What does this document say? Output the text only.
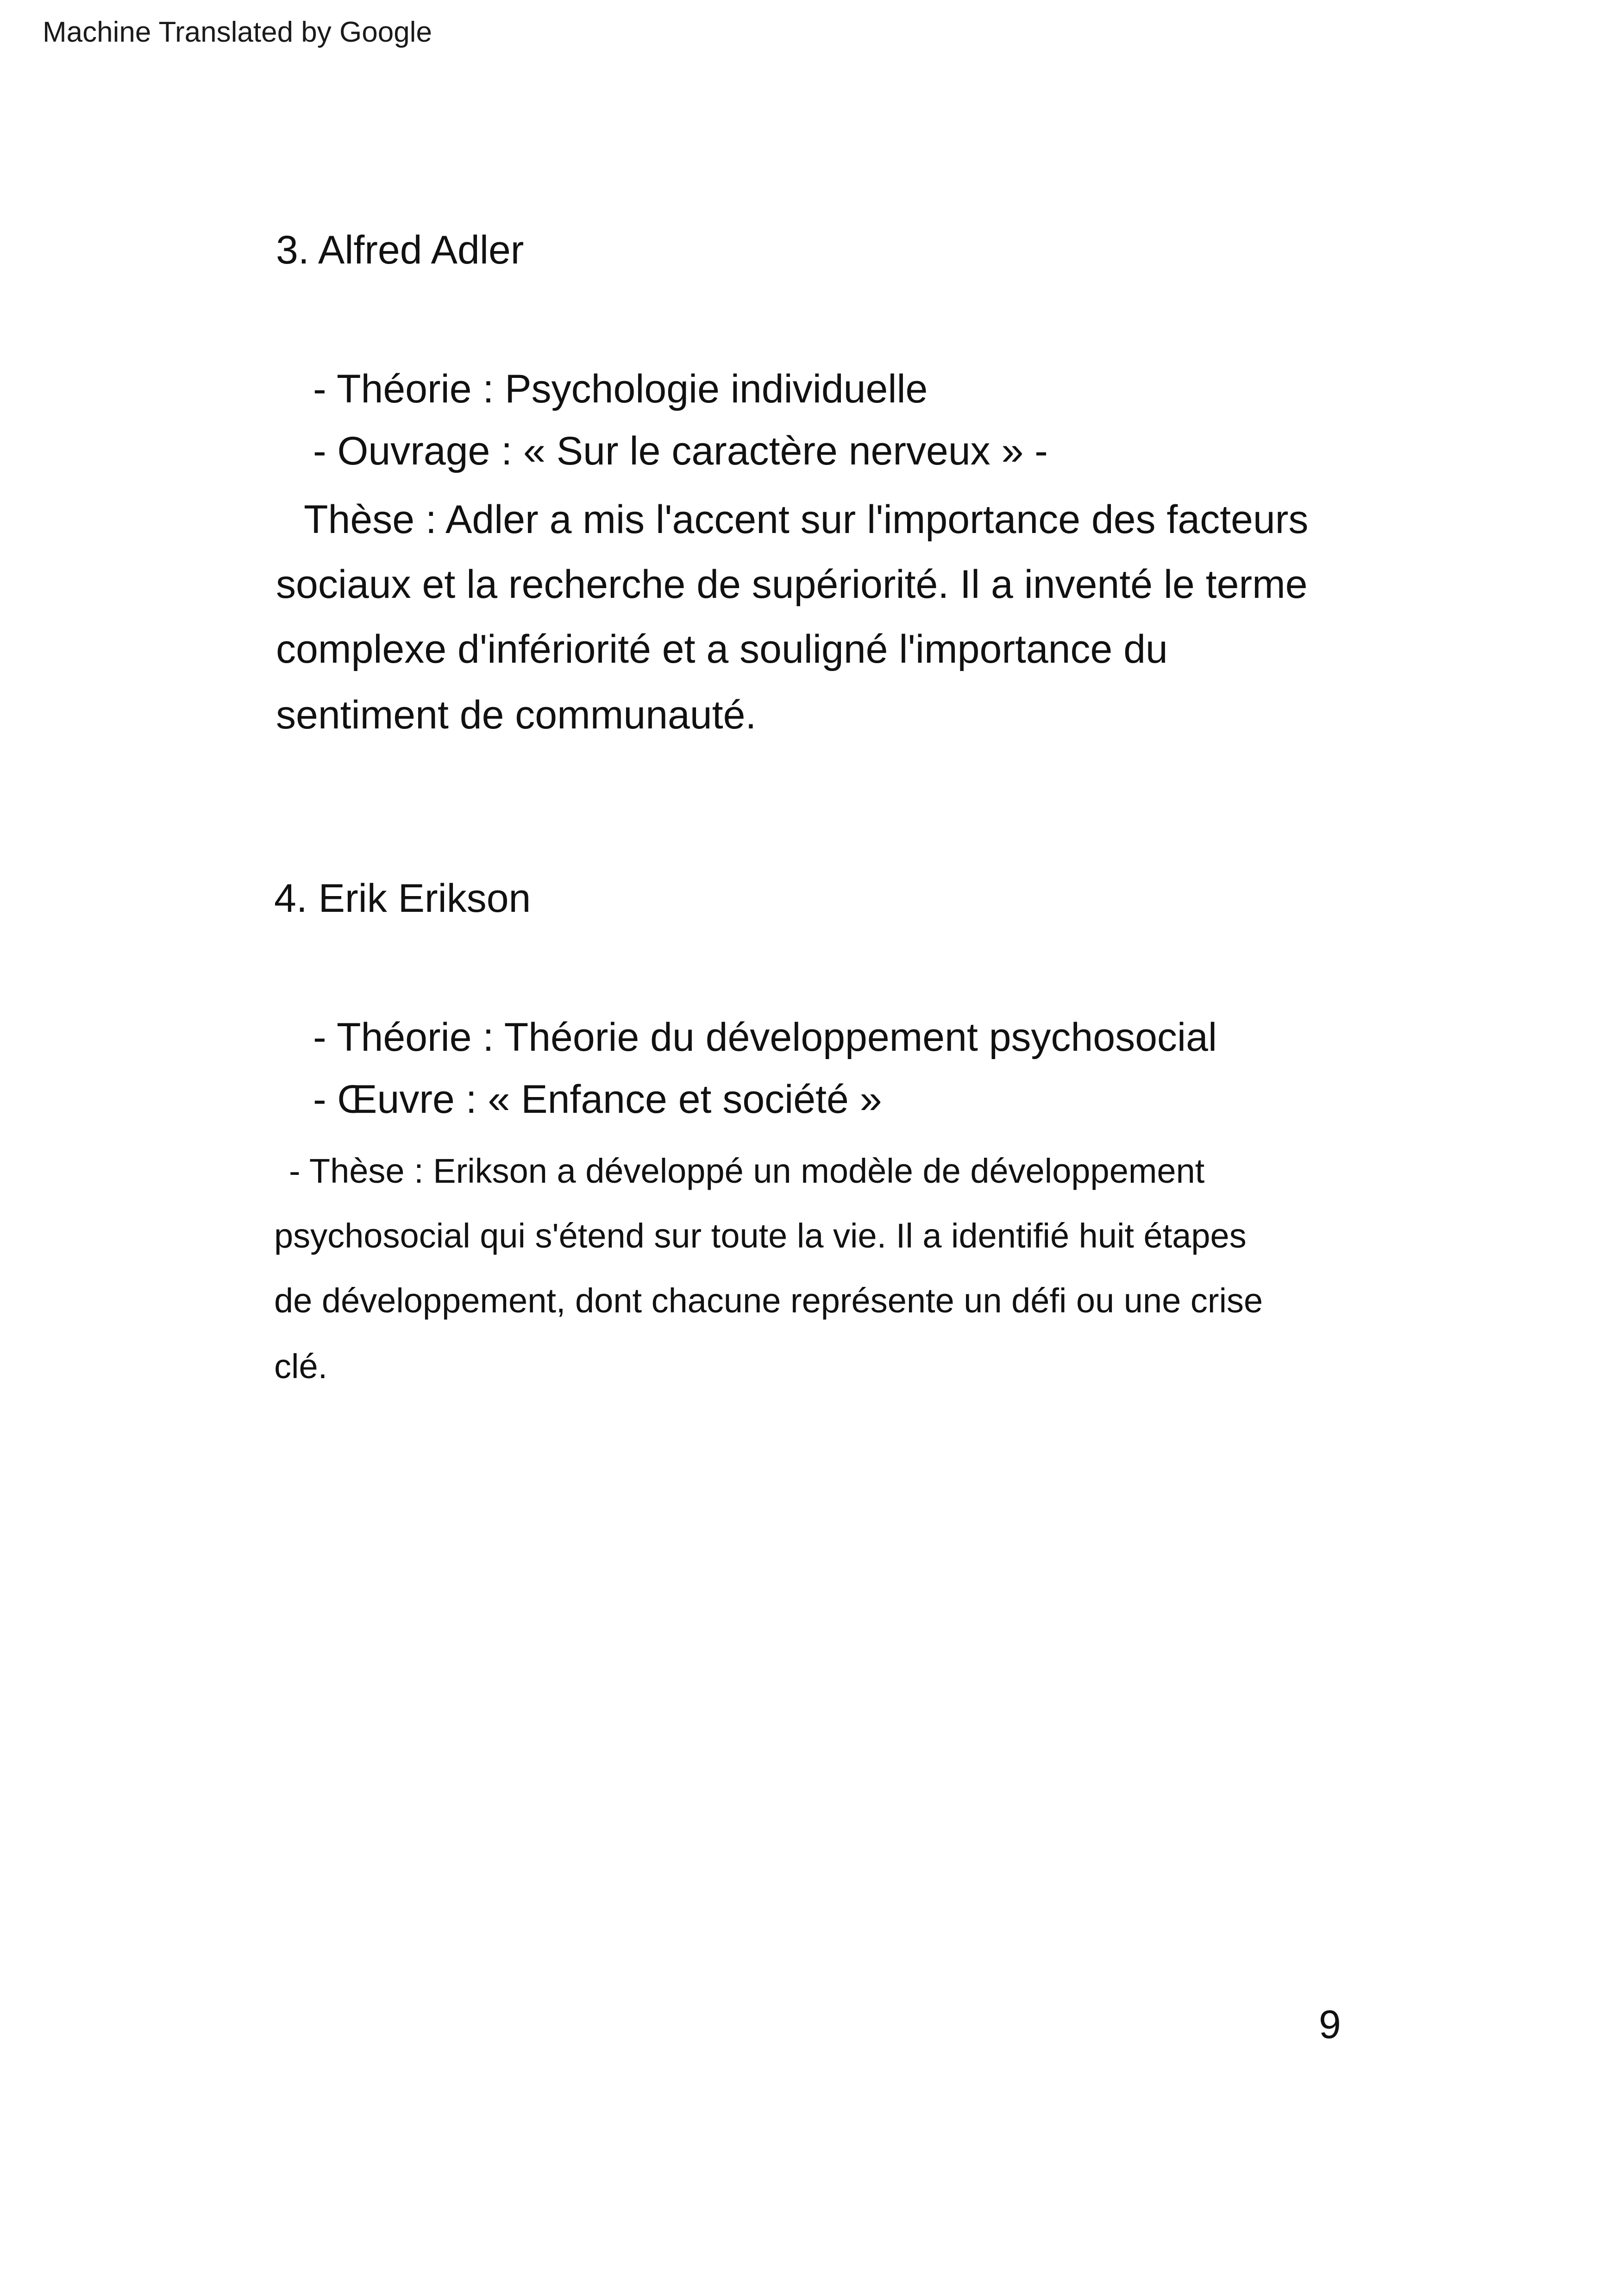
Machine Translated by Google
3. Alfred Adler
- Théorie : Psychologie individuelle
- Ouvrage : « Sur le caractère nerveux » -
Thèse : Adler a mis l'accent sur l'importance des facteurs
sociaux et la recherche de supériorité. Il a inventé le terme
complexe d'infériorité et a souligné l'importance du
sentiment de communauté.
4. Erik Erikson
- Théorie : Théorie du développement psychosocial
- Œuvre : « Enfance et société »
- Thèse : Erikson a développé un modèle de développement
psychosocial qui s'étend sur toute la vie. Il a identifié huit étapes
de développement, dont chacune représente un défi ou une crise
clé.
9
